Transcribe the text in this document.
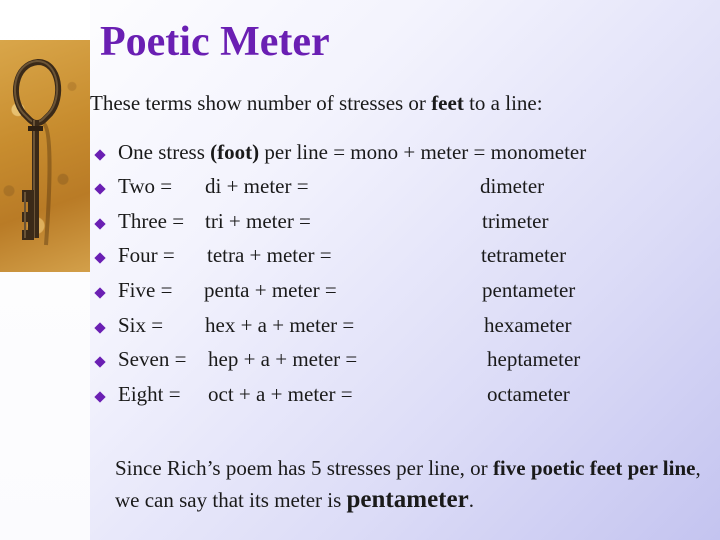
Poetic Meter
These terms show number of stresses or feet to a line:
One stress (foot) per line = mono + meter = monometer
Two = di + meter =	dimeter
Three = tri + meter =	trimeter
Four = tetra + meter =	tetrameter
Five = penta + meter =	pentameter
Six = hex + a + meter =	hexameter
Seven = hep + a + meter =	heptameter
Eight = oct + a + meter =	octameter
Since Rich’s poem has 5 stresses per line, or five poetic feet per line, we can say that its meter is pentameter.
